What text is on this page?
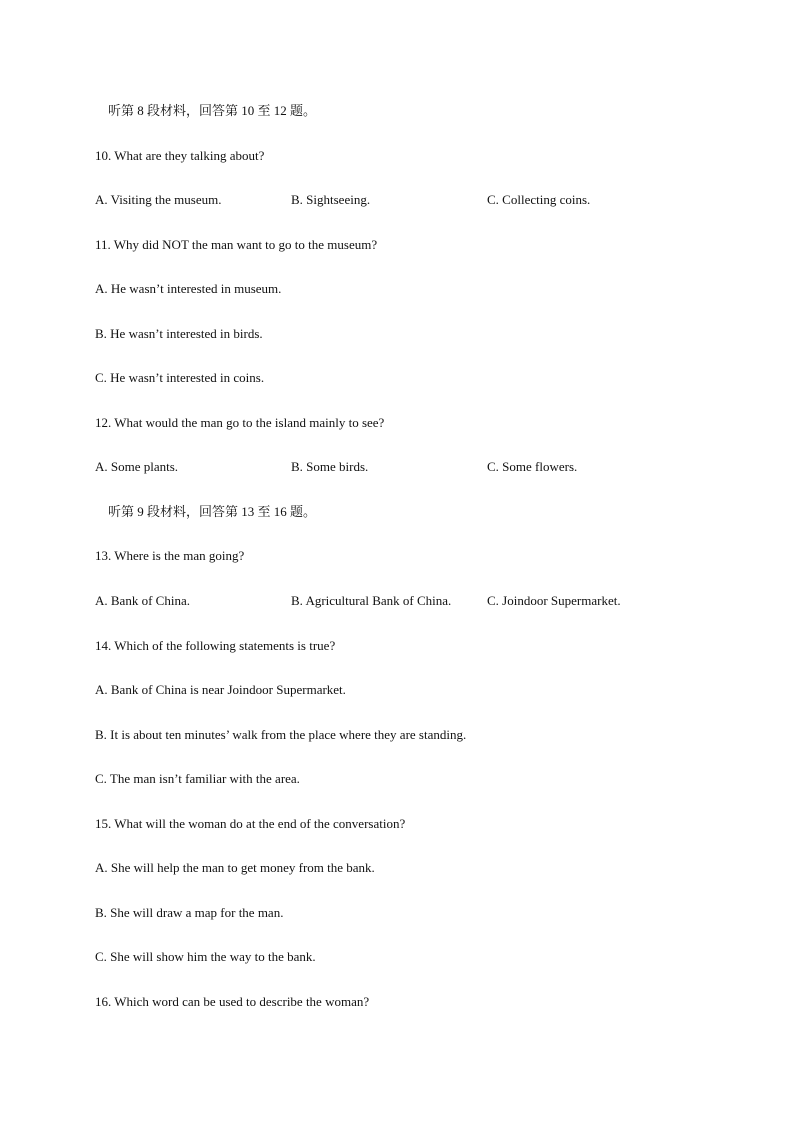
听第 8 段材料，回答第 10 至 12 题。
10. What are they talking about?
A. Visiting the museum.	B. Sightseeing.	C. Collecting coins.
11. Why did NOT the man want to go to the museum?
A. He wasn’t interested in museum.
B. He wasn’t interested in birds.
C. He wasn’t interested in coins.
12. What would the man go to the island mainly to see?
A. Some plants.	B. Some birds.	C. Some flowers.
听第 9 段材料，回答第 13 至 16 题。
13. Where is the man going?
A. Bank of China.	B. Agricultural Bank of China.	C. Joindoor Supermarket.
14. Which of the following statements is true?
A. Bank of China is near Joindoor Supermarket.
B. It is about ten minutes’ walk from the place where they are standing.
C. The man isn’t familiar with the area.
15. What will the woman do at the end of the conversation?
A. She will help the man to get money from the bank.
B. She will draw a map for the man.
C. She will show him the way to the bank.
16. Which word can be used to describe the woman?
